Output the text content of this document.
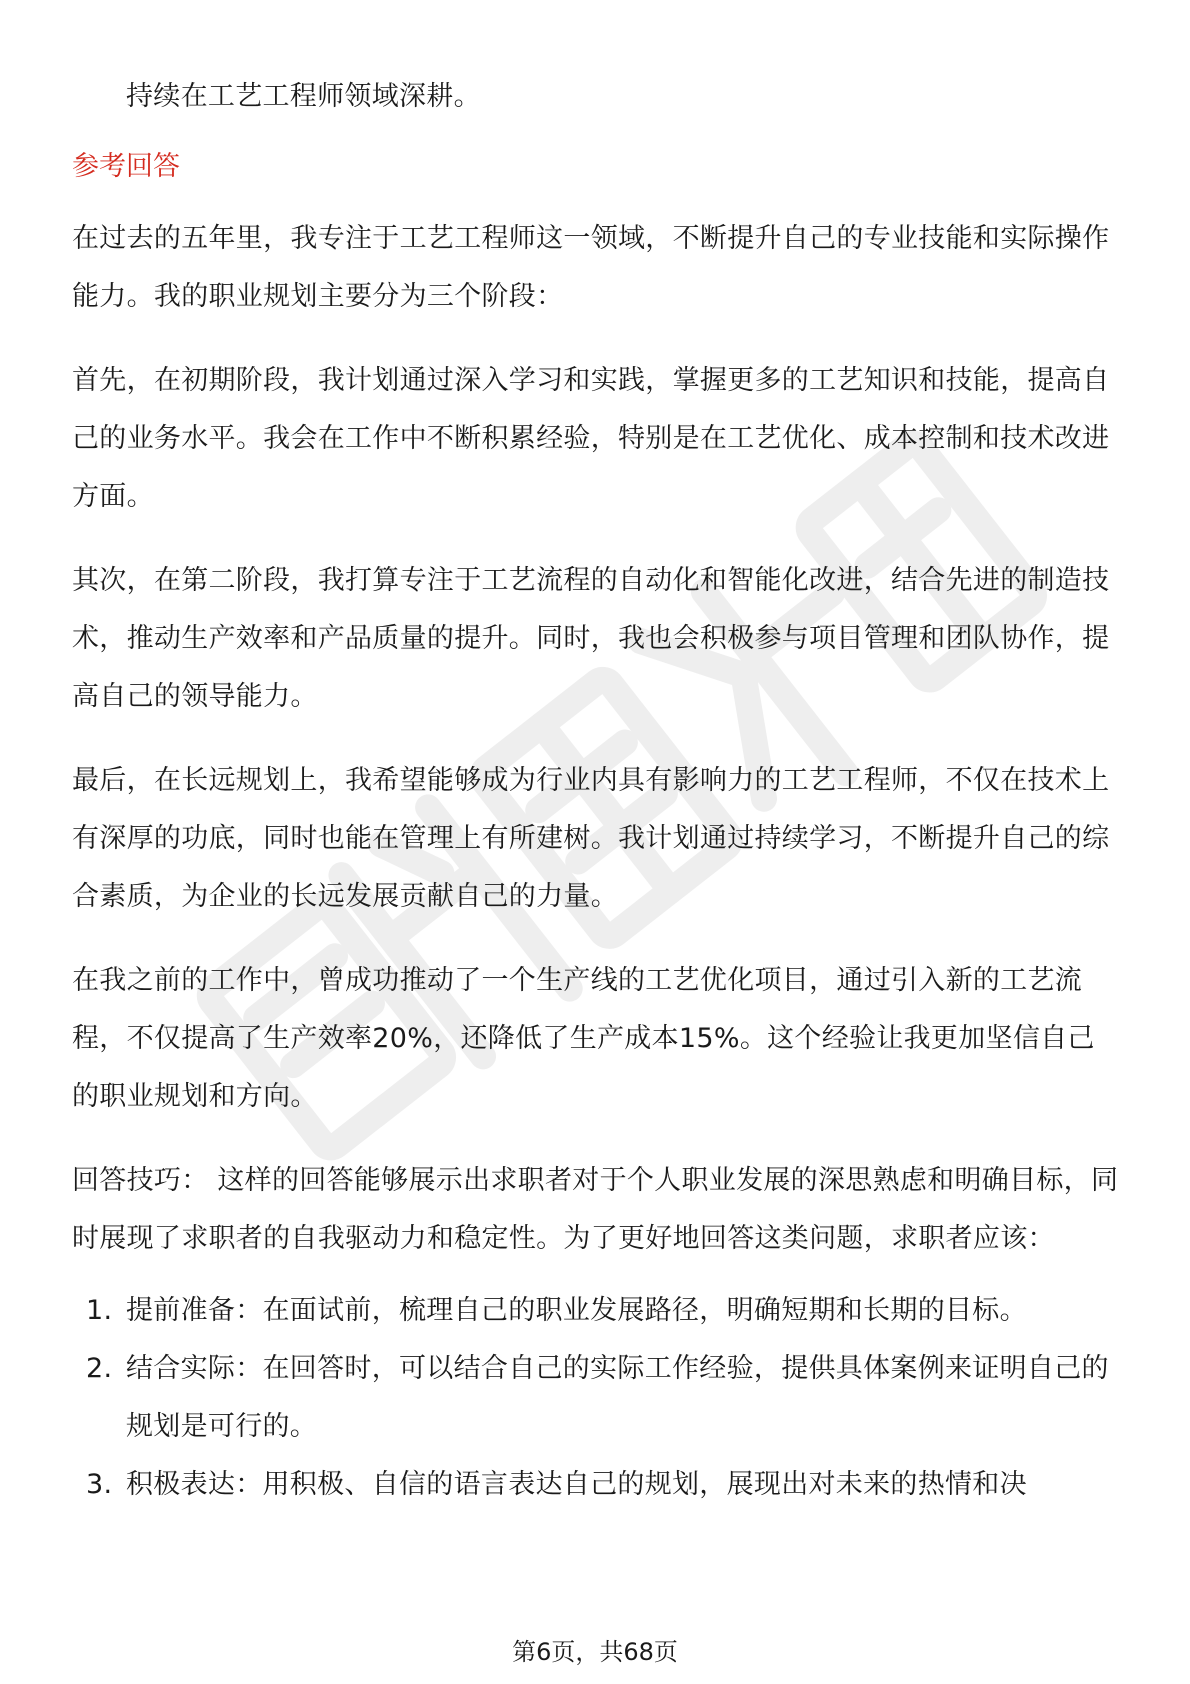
持续在工艺工程师领域深耕。

参考回答

在过去的五年里，我专注于工艺工程师这一领域，不断提升自己的专业技能和实际操作能力。我的职业规划主要分为三个阶段：

首先，在初期阶段，我计划通过深入学习和实践，掌握更多的工艺知识和技能，提高自己的业务水平。我会在工作中不断积累经验，特别是在工艺优化、成本控制和技术改进方面。

其次，在第二阶段，我打算专注于工艺流程的自动化和智能化改进，结合先进的制造技术，推动生产效率和产品质量的提升。同时，我也会积极参与项目管理和团队协作，提高自己的领导能力。

最后，在长远规划上，我希望能够成为行业内具有影响力的工艺工程师，不仅在技术上有深厚的功底，同时也能在管理上有所建树。我计划通过持续学习，不断提升自己的综合素质，为企业的长远发展贡献自己的力量。

在我之前的工作中，曾成功推动了一个生产线的工艺优化项目，通过引入新的工艺流程，不仅提高了生产效率20%，还降低了生产成本15%。这个经验让我更加坚信自己的职业规划和方向。

回答技巧： 这样的回答能够展示出求职者对于个人职业发展的深思熟虑和明确目标，同时展现了求职者的自我驱动力和稳定性。为了更好地回答这类问题，求职者应该：

1. 提前准备：在面试前，梳理自己的职业发展路径，明确短期和长期的目标。
2. 结合实际：在回答时，可以结合自己的实际工作经验，提供具体案例来证明自己的规划是可行的。
3. 积极表达：用积极、自信的语言表达自己的规划，展现出对未来的热情和决
第6页，共68页
